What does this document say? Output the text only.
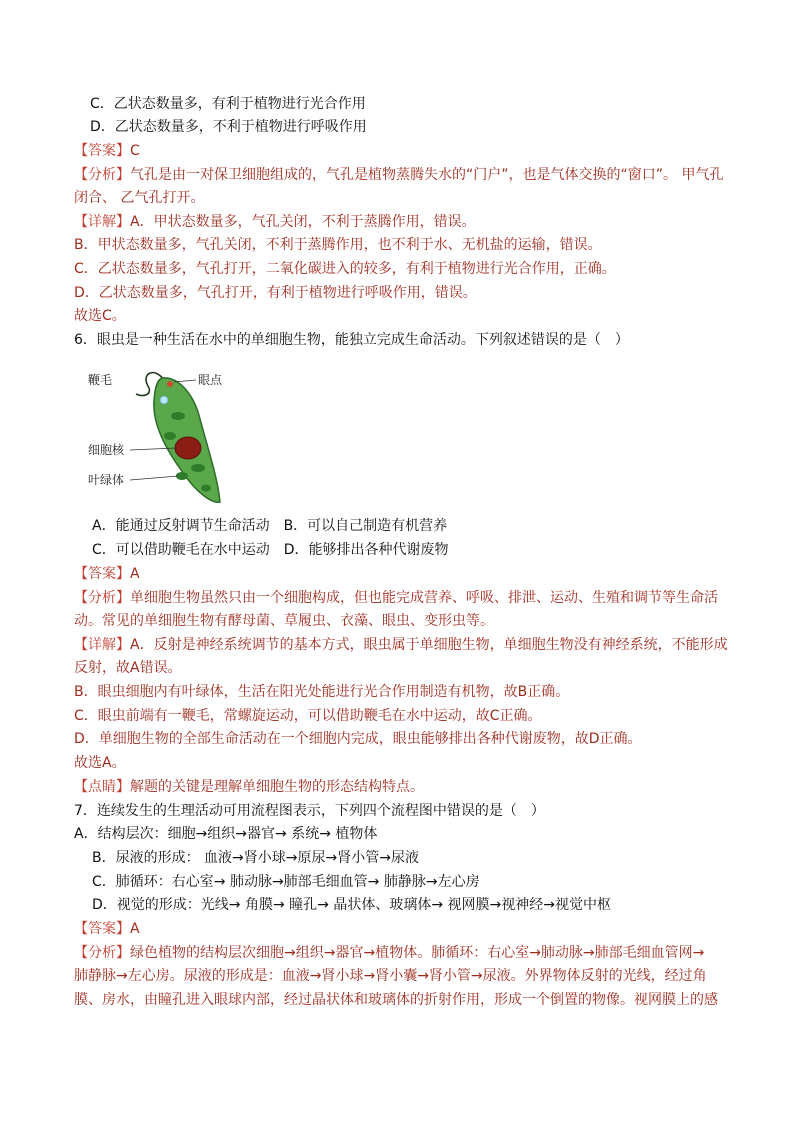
C．乙状态数量多，有利于植物进行光合作用
D．乙状态数量多，不利于植物进行呼吸作用
【答案】C
【分析】气孔是由一对保卫细胞组成的，气孔是植物蒸腾失水的“门户”，也是气体交换的“窗口”。 甲气孔
闭合、 乙气孔打开。
【详解】A．甲状态数量多，气孔关闭，不利于蒸腾作用，错误。
B．甲状态数量多，气孔关闭，不利于蒸腾作用，也不利于水、无机盐的运输，错误。
C．乙状态数量多，气孔打开，二氧化碳进入的较多，有利于植物进行光合作用，正确。
D．乙状态数量多，气孔打开，有利于植物进行呼吸作用，错误。
故选C。
6．眼虫是一种生活在水中的单细胞生物，能独立完成生命活动。下列叙述错误的是（　）
鞭毛	眼点
细胞核
叶绿体
A．能通过反射调节生命活动　B．可以自己制造有机营养
C．可以借助鞭毛在水中运动　D．能够排出各种代谢废物
【答案】A
【分析】单细胞生物虽然只由一个细胞构成，但也能完成营养、呼吸、排泄、运动、生殖和调节等生命活
动。常见的单细胞生物有酵母菌、草履虫、衣藻、眼虫、变形虫等。
【详解】A．反射是神经系统调节的基本方式，眼虫属于单细胞生物，单细胞生物没有神经系统，不能形成
反射，故A错误。
B．眼虫细胞内有叶绿体，生活在阳光处能进行光合作用制造有机物，故B正确。
C．眼虫前端有一鞭毛，常螺旋运动，可以借助鞭毛在水中运动，故C正确。
D．单细胞生物的全部生命活动在一个细胞内完成，眼虫能够排出各种代谢废物，故D正确。
故选A。
【点睛】解题的关键是理解单细胞生物的形态结构特点。
7．连续发生的生理活动可用流程图表示，下列四个流程图中错误的是（　）
A．结构层次：细胞→组织→器官→ 系统→ 植物体
B．尿液的形成： 血液→肾小球→原尿→肾小管→尿液
C．肺循环：右心室→ 肺动脉→肺部毛细血管→ 肺静脉→左心房
D．视觉的形成：光线→ 角膜→ 瞳孔→ 晶状体、玻璃体→ 视网膜→视神经→视觉中枢
【答案】A
【分析】绿色植物的结构层次细胞→组织→器官→植物体。肺循环：右心室→肺动脉→肺部毛细血管网→
肺静脉→左心房。尿液的形成是：血液→肾小球→肾小囊→肾小管→尿液。外界物体反射的光线，经过角
膜、房水，由瞳孔进入眼球内部，经过晶状体和玻璃体的折射作用，形成一个倒置的物像。视网膜上的感
